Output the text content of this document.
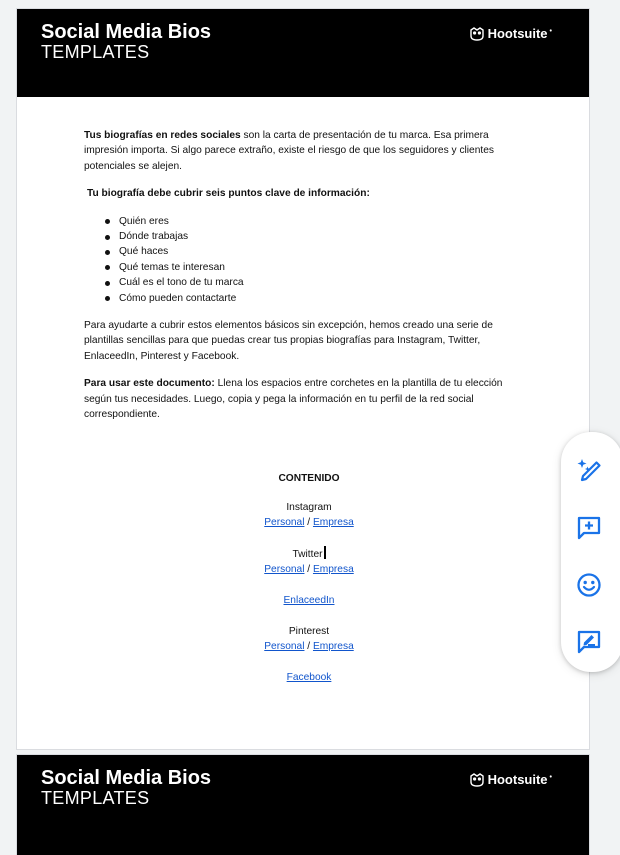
Social Media Bios
TEMPLATES
Hootsuite •

Tus biografías en redes sociales son la carta de presentación de tu marca. Esa primera impresión importa. Si algo parece extraño, existe el riesgo de que los seguidores y clientes potenciales se alejen.

Tu biografía debe cubrir seis puntos clave de información:

Quién eres
Dónde trabajas
Qué haces
Qué temas te interesan
Cuál es el tono de tu marca
Cómo pueden contactarte

Para ayudarte a cubrir estos elementos básicos sin excepción, hemos creado una serie de plantillas sencillas para que puedas crear tus propias biografías para Instagram, Twitter, EnlaceedIn, Pinterest y Facebook.

Para usar este documento: Llena los espacios entre corchetes en la plantilla de tu elección según tus necesidades. Luego, copia y pega la información en tu perfil de la red social correspondiente.

CONTENIDO
Instagram
Personal / Empresa
Twitter
Personal / Empresa
EnlaceedIn
Pinterest
Personal / Empresa
Facebook
Social Media Bios
TEMPLATES
Hootsuite •
